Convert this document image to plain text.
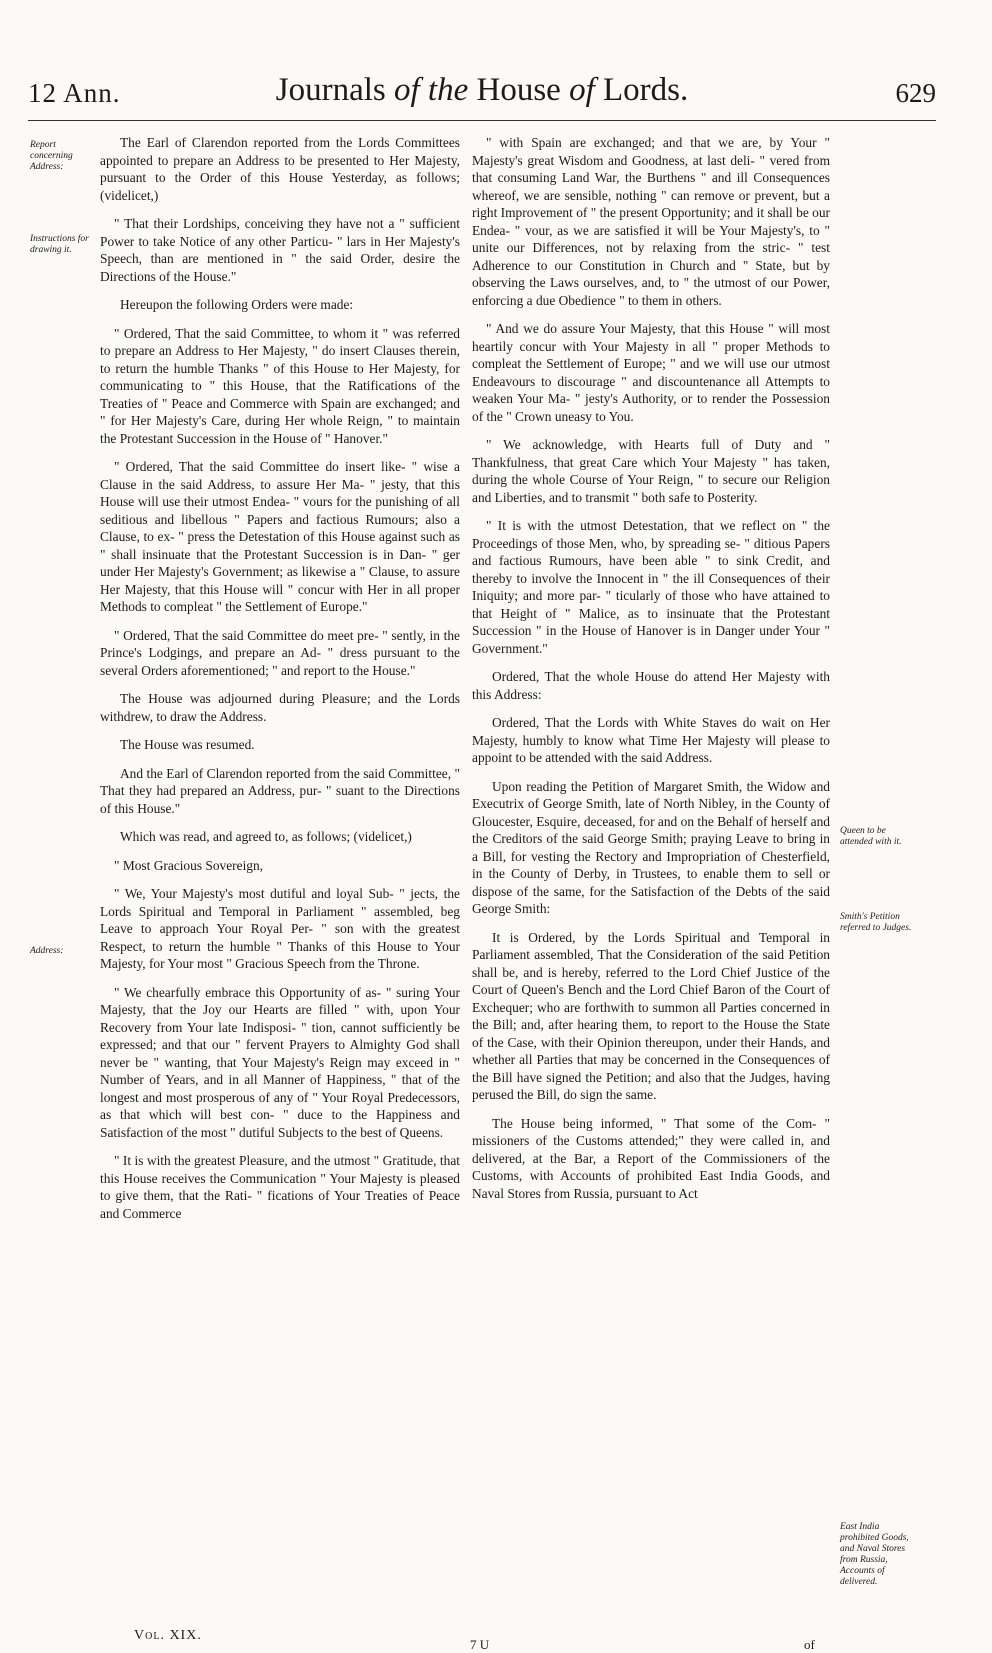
12 Ann.	Journals of the House of Lords.	629
Report concerning Address:
Instructions for drawing it.
Address:
Queen to be attended with it.
Smith's Petition referred to Judges.
East India prohibited Goods, and Naval Stores from Russia, Accounts of delivered.

The Earl of Clarendon reported from the Lords Committees appointed to prepare an Address to be presented to Her Majesty, pursuant to the Order of this House Yesterday, as follows; (videlicet,)

" That their Lordships, conceiving they have not a " sufficient Power to take Notice of any other Particu- " lars in Her Majesty's Speech, than are mentioned in " the said Order, desire the Directions of the House."

Hereupon the following Orders were made:

" Ordered, That the said Committee, to whom it " was referred to prepare an Address to Her Majesty, " do insert Clauses therein, to return the humble Thanks " of this House to Her Majesty, for communicating to " this House, that the Ratifications of the Treaties of " Peace and Commerce with Spain are exchanged; and " for Her Majesty's Care, during Her whole Reign, " to maintain the Protestant Succession in the House of " Hanover."

" Ordered, That the said Committee do insert like- " wise a Clause in the said Address, to assure Her Ma- " jesty, that this House will use their utmost Endea- " vours for the punishing of all seditious and libellous " Papers and factious Rumours; also a Clause, to ex- " press the Detestation of this House against such as " shall insinuate that the Protestant Succession is in Dan- " ger under Her Majesty's Government; as likewise a " Clause, to assure Her Majesty, that this House will " concur with Her in all proper Methods to compleat " the Settlement of Europe."

" Ordered, That the said Committee do meet pre- " sently, in the Prince's Lodgings, and prepare an Ad- " dress pursuant to the several Orders aforementioned; " and report to the House."

The House was adjourned during Pleasure; and the Lords withdrew, to draw the Address.

The House was resumed.

And the Earl of Clarendon reported from the said Committee, " That they had prepared an Address, pur- " suant to the Directions of this House."

Which was read, and agreed to, as follows; (videlicet,)

" Most Gracious Sovereign,

" We, Your Majesty's most dutiful and loyal Sub- " jects, the Lords Spiritual and Temporal in Parliament " assembled, beg Leave to approach Your Royal Per- " son with the greatest Respect, to return the humble " Thanks of this House to Your Majesty, for Your most " Gracious Speech from the Throne.

" We chearfully embrace this Opportunity of as- " suring Your Majesty, that the Joy our Hearts are filled " with, upon Your Recovery from Your late Indisposi- " tion, cannot sufficiently be expressed; and that our " fervent Prayers to Almighty God shall never be " wanting, that Your Majesty's Reign may exceed in " Number of Years, and in all Manner of Happiness, " that of the longest and most prosperous of any of " Your Royal Predecessors, as that which will best con- " duce to the Happiness and Satisfaction of the most " dutiful Subjects to the best of Queens.

" It is with the greatest Pleasure, and the utmost " Gratitude, that this House receives the Communication " Your Majesty is pleased to give them, that the Rati- " fications of Your Treaties of Peace and Commerce

" with Spain are exchanged; and that we are, by Your " Majesty's great Wisdom and Goodness, at last deli- " vered from that consuming Land War, the Burthens " and ill Consequences whereof, we are sensible, nothing " can remove or prevent, but a right Improvement of " the present Opportunity; and it shall be our Endea- " vour, as we are satisfied it will be Your Majesty's, to " unite our Differences, not by relaxing from the stric- " test Adherence to our Constitution in Church and " State, but by observing the Laws ourselves, and, to " the utmost of our Power, enforcing a due Obedience " to them in others.

" And we do assure Your Majesty, that this House " will most heartily concur with Your Majesty in all " proper Methods to compleat the Settlement of Europe; " and we will use our utmost Endeavours to discourage " and discountenance all Attempts to weaken Your Ma- " jesty's Authority, or to render the Possession of the " Crown uneasy to You.

" We acknowledge, with Hearts full of Duty and " Thankfulness, that great Care which Your Majesty " has taken, during the whole Course of Your Reign, " to secure our Religion and Liberties, and to transmit " both safe to Posterity.

" It is with the utmost Detestation, that we reflect on " the Proceedings of those Men, who, by spreading se- " ditious Papers and factious Rumours, have been able " to sink Credit, and thereby to involve the Innocent in " the ill Consequences of their Iniquity; and more par- " ticularly of those who have attained to that Height of " Malice, as to insinuate that the Protestant Succession " in the House of Hanover is in Danger under Your " Government."

Ordered, That the whole House do attend Her Majesty with this Address:

Ordered, That the Lords with White Staves do wait on Her Majesty, humbly to know what Time Her Majesty will please to appoint to be attended with the said Address.

Upon reading the Petition of Margaret Smith, the Widow and Executrix of George Smith, late of North Nibley, in the County of Gloucester, Esquire, deceased, for and on the Behalf of herself and the Creditors of the said George Smith; praying Leave to bring in a Bill, for vesting the Rectory and Impropriation of Chesterfield, in the County of Derby, in Trustees, to enable them to sell or dispose of the same, for the Satisfaction of the Debts of the said George Smith:

It is Ordered, by the Lords Spiritual and Temporal in Parliament assembled, That the Consideration of the said Petition shall be, and is hereby, referred to the Lord Chief Justice of the Court of Queen's Bench and the Lord Chief Baron of the Court of Exchequer; who are forthwith to summon all Parties concerned in the Bill; and, after hearing them, to report to the House the State of the Case, with their Opinion thereupon, under their Hands, and whether all Parties that may be concerned in the Consequences of the Bill have signed the Petition; and also that the Judges, having perused the Bill, do sign the same.

The House being informed, " That some of the Com- " missioners of the Customs attended;" they were called in, and delivered, at the Bar, a Report of the Commissioners of the Customs, with Accounts of prohibited East India Goods, and Naval Stores from Russia, pursuant to Act

Vol. XIX.
7 U	of
